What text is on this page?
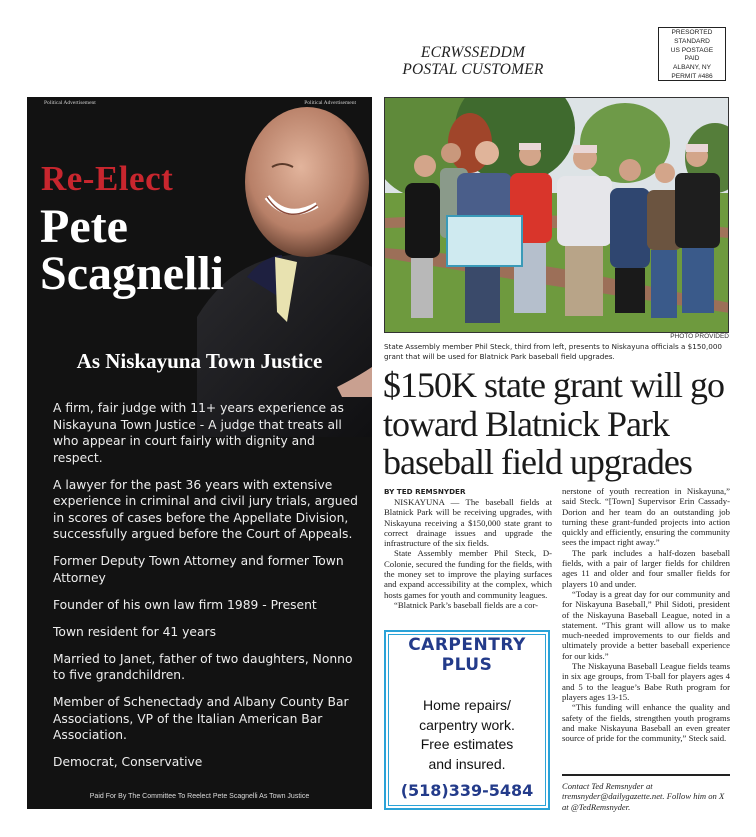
ECRWSSEDDM
POSTAL CUSTOMER
PRESORTED
STANDARD
US POSTAGE
PAID
ALBANY, NY
PERMIT #486
Political Advertisement	Political Advertisement
Re-Elect
Pete
Scagnelli
As Niskayuna Town Justice

A firm, fair judge with 11+ years experience as Niskayuna Town Justice - A judge that treats all who appear in court fairly with dignity and respect.

A lawyer for the past 36 years with extensive experience in criminal and civil jury trials, argued in scores of cases before the Appellate Division, successfully argued before the Court of Appeals.

Former Deputy Town Attorney and former Town Attorney

Founder of his own law firm 1989 - Present

Town resident for 41 years

Married to Janet, father of two daughters, Nonno to five grandchildren.

Member of Schenectady and Albany County Bar Associations, VP of the Italian American Bar Association.

Democrat, Conservative

Paid For By The Committee To Reelect Pete Scagnelli As Town Justice
PHOTO PROVIDED
State Assembly member Phil Steck, third from left, presents to Niskayuna officials a $150,000 grant that will be used for Blatnick Park baseball field upgrades.
$150K state grant will go toward Blatnick Park baseball field upgrades
BY TED REMSNYDER

NISKAYUNA — The baseball fields at Blatnick Park will be receiving upgrades, with Niskayuna receiving a $150,000 state grant to correct drainage issues and upgrade the infrastructure of the six fields.

State Assembly member Phil Steck, D-Colonie, secured the funding for the fields, with the money set to improve the playing surfaces and expand accessibility at the complex, which hosts games for youth and community leagues.

“Blatnick Park’s baseball fields are a cor-

nerstone of youth recreation in Niskayuna,” said Steck. “[Town] Supervisor Erin Cassady-Dorion and her team do an outstanding job turning these grant-funded projects into action quickly and efficiently, ensuring the community sees the impact right away.”

The park includes a half-dozen baseball fields, with a pair of larger fields for children ages 11 and older and four smaller fields for players 10 and under.

“Today is a great day for our community and for Niskayuna Baseball,” Phil Sidoti, president of the Niskayuna Baseball League, noted in a statement. “This grant will allow us to make much-needed improvements to our fields and ultimately provide a better baseball experience for our kids.”

The Niskayuna Baseball League fields teams in six age groups, from T-ball for players ages 4 and 5 to the league’s Babe Ruth program for players ages 13-15.

“This funding will enhance the quality and safety of the fields, strengthen youth programs and make Niskayuna Baseball an even greater source of pride for the community,” Steck said.

Contact Ted Remsnyder at tremsnyder@dailygazette.net. Follow him on X at @TedRemsnyder.
CARPENTRY
PLUS
Home repairs/
carpentry work.
Free estimates
and insured.
(518)339-5484
